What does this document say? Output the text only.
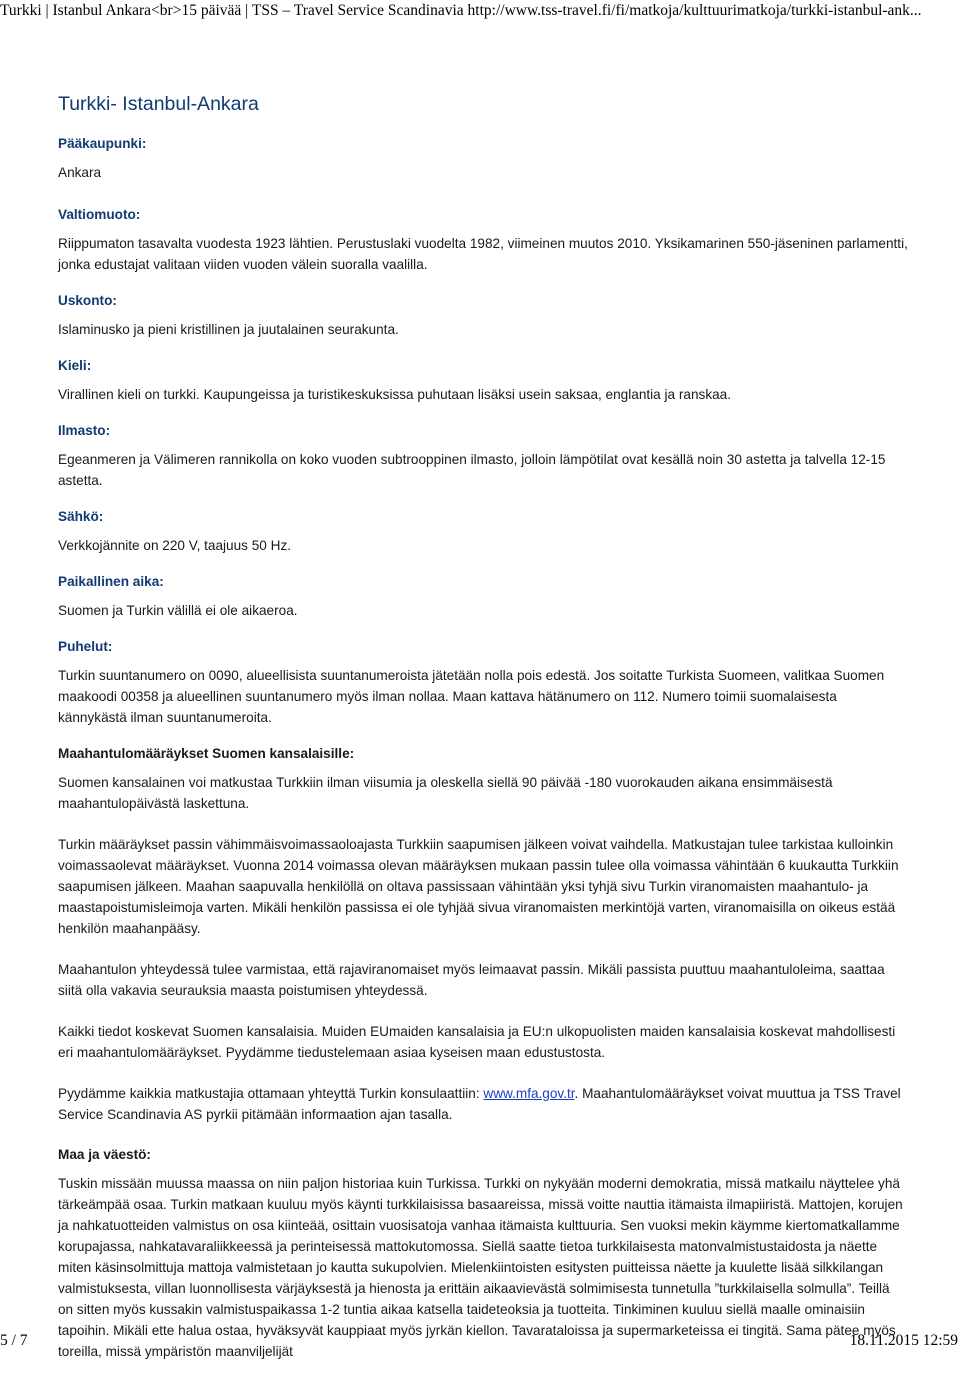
Turkki | Istanbul Ankara<br>15 päivää | TSS – Travel Service Scandinavia http://www.tss-travel.fi/fi/matkoja/kulttuurimatkoja/turkki-istanbul-ank...
Turkki- Istanbul-Ankara
Pääkaupunki:

Ankara

Valtiomuoto:

Riippumaton tasavalta vuodesta 1923 lähtien. Perustuslaki vuodelta 1982, viimeinen muutos 2010. Yksikamarinen 550-jäseninen parlamentti, jonka edustajat valitaan viiden vuoden välein suoralla vaalilla.

Uskonto:

Islaminusko ja pieni kristillinen ja juutalainen seurakunta.

Kieli:

Virallinen kieli on turkki. Kaupungeissa ja turistikeskuksissa puhutaan lisäksi usein saksaa, englantia ja ranskaa.

Ilmasto:

Egeanmeren ja Välimeren rannikolla on koko vuoden subtrooppinen ilmasto, jolloin lämpötilat ovat kesällä noin 30 astetta ja talvella 12-15 astetta.

Sähkö:

Verkkojännite on 220 V, taajuus 50 Hz.

Paikallinen aika:

Suomen ja Turkin välillä ei ole aikaeroa.

Puhelut:

Turkin suuntanumero on 0090, alueellisista suuntanumeroista jätetään nolla pois edestä. Jos soitatte Turkista Suomeen, valitkaa Suomen maakoodi 00358 ja alueellinen suuntanumero myös ilman nollaa. Maan kattava hätänumero on 112. Numero toimii suomalaisesta kännykästä ilman suuntanumeroita.

Maahantulomääräykset Suomen kansalaisille:

Suomen kansalainen voi matkustaa Turkkiin ilman viisumia ja oleskella siellä 90 päivää -180 vuorokauden aikana ensimmäisestä maahantulopäivästä laskettuna.

Turkin määräykset passin vähimmäisvoimassaoloajasta Turkkiin saapumisen jälkeen voivat vaihdella. Matkustajan tulee tarkistaa kulloinkin voimassaolevat määräykset. Vuonna 2014 voimassa olevan määräyksen mukaan passin tulee olla voimassa vähintään 6 kuukautta Turkkiin saapumisen jälkeen. Maahan saapuvalla henkilöllä on oltava passissaan vähintään yksi tyhjä sivu Turkin viranomaisten maahantulo- ja maastapoistumisleimoja varten. Mikäli henkilön passissa ei ole tyhjää sivua viranomaisten merkintöjä varten, viranomaisilla on oikeus estää henkilön maahanpääsy.

Maahantulon yhteydessä tulee varmistaa, että rajaviranomaiset myös leimaavat passin. Mikäli passista puuttuu maahantuloleima, saattaa siitä olla vakavia seurauksia maasta poistumisen yhteydessä.

Kaikki tiedot koskevat Suomen kansalaisia. Muiden EUmaiden kansalaisia ja EU:n ulkopuolisten maiden kansalaisia koskevat mahdollisesti eri maahantulomääräykset. Pyydämme tiedustelemaan asiaa kyseisen maan edustustosta.

Pyydämme kaikkia matkustajia ottamaan yhteyttä Turkin konsulaattiin: www.mfa.gov.tr. Maahantulomääräykset voivat muuttua ja TSS Travel Service Scandinavia AS pyrkii pitämään informaation ajan tasalla.

Maa ja väestö:

Tuskin missään muussa maassa on niin paljon historiaa kuin Turkissa. Turkki on nykyään moderni demokratia, missä matkailu näyttelee yhä tärkeämpää osaa. Turkin matkaan kuuluu myös käynti turkkilaisissa basaareissa, missä voitte nauttia itämaista ilmapiiristä. Mattojen, korujen ja nahkatuotteiden valmistus on osa kiinteää, osittain vuosisatoja vanhaa itämaista kulttuuria. Sen vuoksi mekin käymme kiertomatkallamme korupajassa, nahkatavaraliikkeessä ja perinteisessä mattokutomossa. Siellä saatte tietoa turkkilaisesta matonvalmistustaidosta ja näette miten käsinsolmittuja mattoja valmistetaan jo kautta sukupolvien. Mielenkiintoisten esitysten puitteissa näette ja kuulette lisää silkkilangan valmistuksesta, villan luonnollisesta värjäyksestä ja hienosta ja erittäin aikaavievästä solmimisesta tunnetulla ”turkkilaisella solmulla”. Teillä on sitten myös kussakin valmistuspaikassa 1-2 tuntia aikaa katsella taideteoksia ja tuotteita. Tinkiminen kuuluu siellä maalle ominaisiin tapoihin. Mikäli ette halua ostaa, hyväksyvät kauppiaat myös jyrkän kiellon. Tavarataloissa ja supermarketeissa ei tingitä. Sama pätee myös toreilla, missä ympäristön maanviljelijät

5 / 7	18.11.2015 12:59
